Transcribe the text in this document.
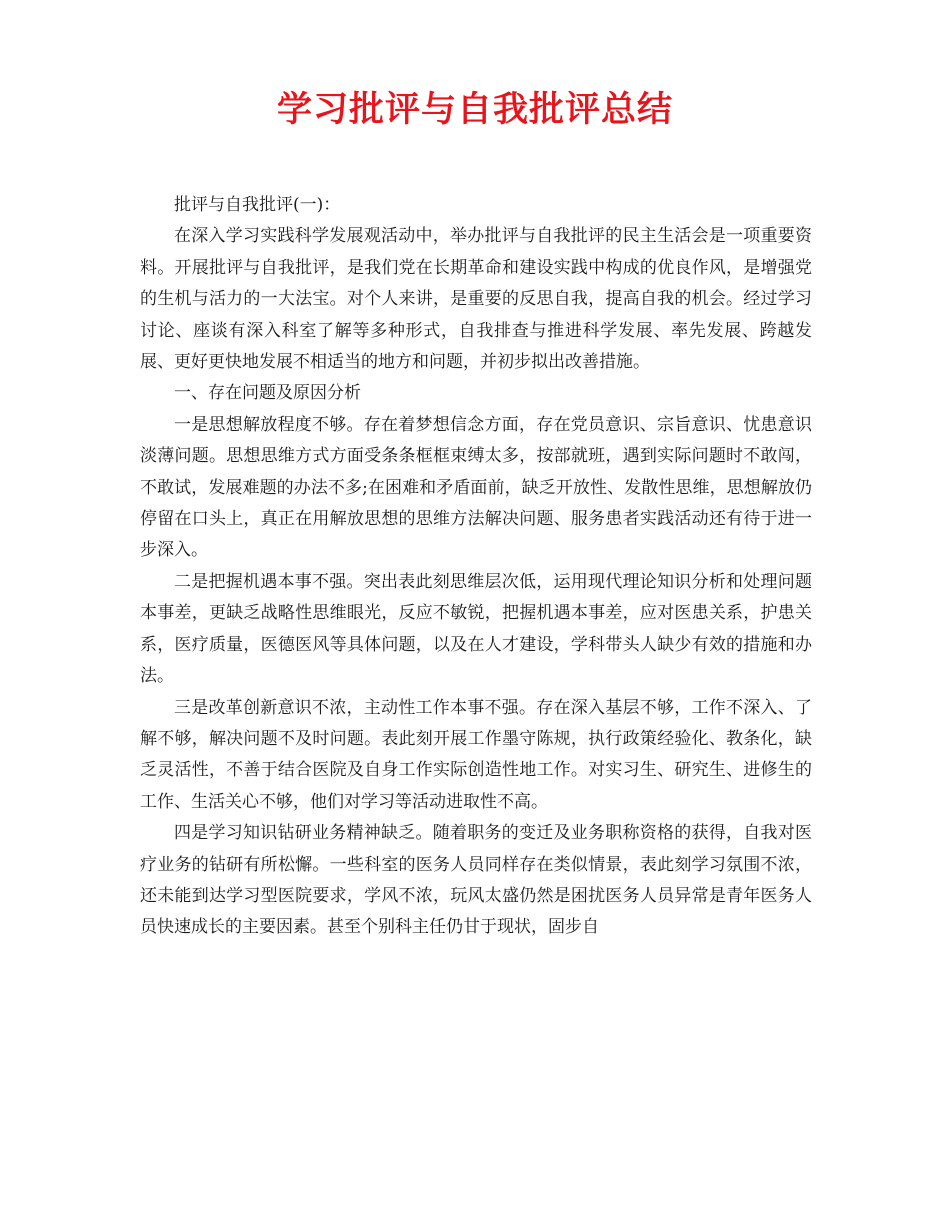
学习批评与自我批评总结

批评与自我批评(一)：

在深入学习实践科学发展观活动中，举办批评与自我批评的民主生活会是一项重要资料。开展批评与自我批评，是我们党在长期革命和建设实践中构成的优良作风，是增强党的生机与活力的一大法宝。对个人来讲，是重要的反思自我，提高自我的机会。经过学习讨论、座谈有深入科室了解等多种形式，自我排查与推进科学发展、率先发展、跨越发展、更好更快地发展不相适当的地方和问题，并初步拟出改善措施。

一、存在问题及原因分析

一是思想解放程度不够。存在着梦想信念方面，存在党员意识、宗旨意识、忧患意识淡薄问题。思想思维方式方面受条条框框束缚太多，按部就班，遇到实际问题时不敢闯，不敢试，发展难题的办法不多;在困难和矛盾面前，缺乏开放性、发散性思维，思想解放仍停留在口头上，真正在用解放思想的思维方法解决问题、服务患者实践活动还有待于进一步深入。

二是把握机遇本事不强。突出表此刻思维层次低，运用现代理论知识分析和处理问题本事差，更缺乏战略性思维眼光，反应不敏锐，把握机遇本事差，应对医患关系，护患关系，医疗质量，医德医风等具体问题，以及在人才建设，学科带头人缺少有效的措施和办法。

三是改革创新意识不浓，主动性工作本事不强。存在深入基层不够，工作不深入、了解不够，解决问题不及时问题。表此刻开展工作墨守陈规，执行政策经验化、教条化，缺乏灵活性，不善于结合医院及自身工作实际创造性地工作。对实习生、研究生、进修生的工作、生活关心不够，他们对学习等活动进取性不高。

四是学习知识钻研业务精神缺乏。随着职务的变迁及业务职称资格的获得，自我对医疗业务的钻研有所松懈。一些科室的医务人员同样存在类似情景，表此刻学习氛围不浓，还未能到达学习型医院要求，学风不浓，玩风太盛仍然是困扰医务人员异常是青年医务人员快速成长的主要因素。甚至个别科主任仍甘于现状，固步自
